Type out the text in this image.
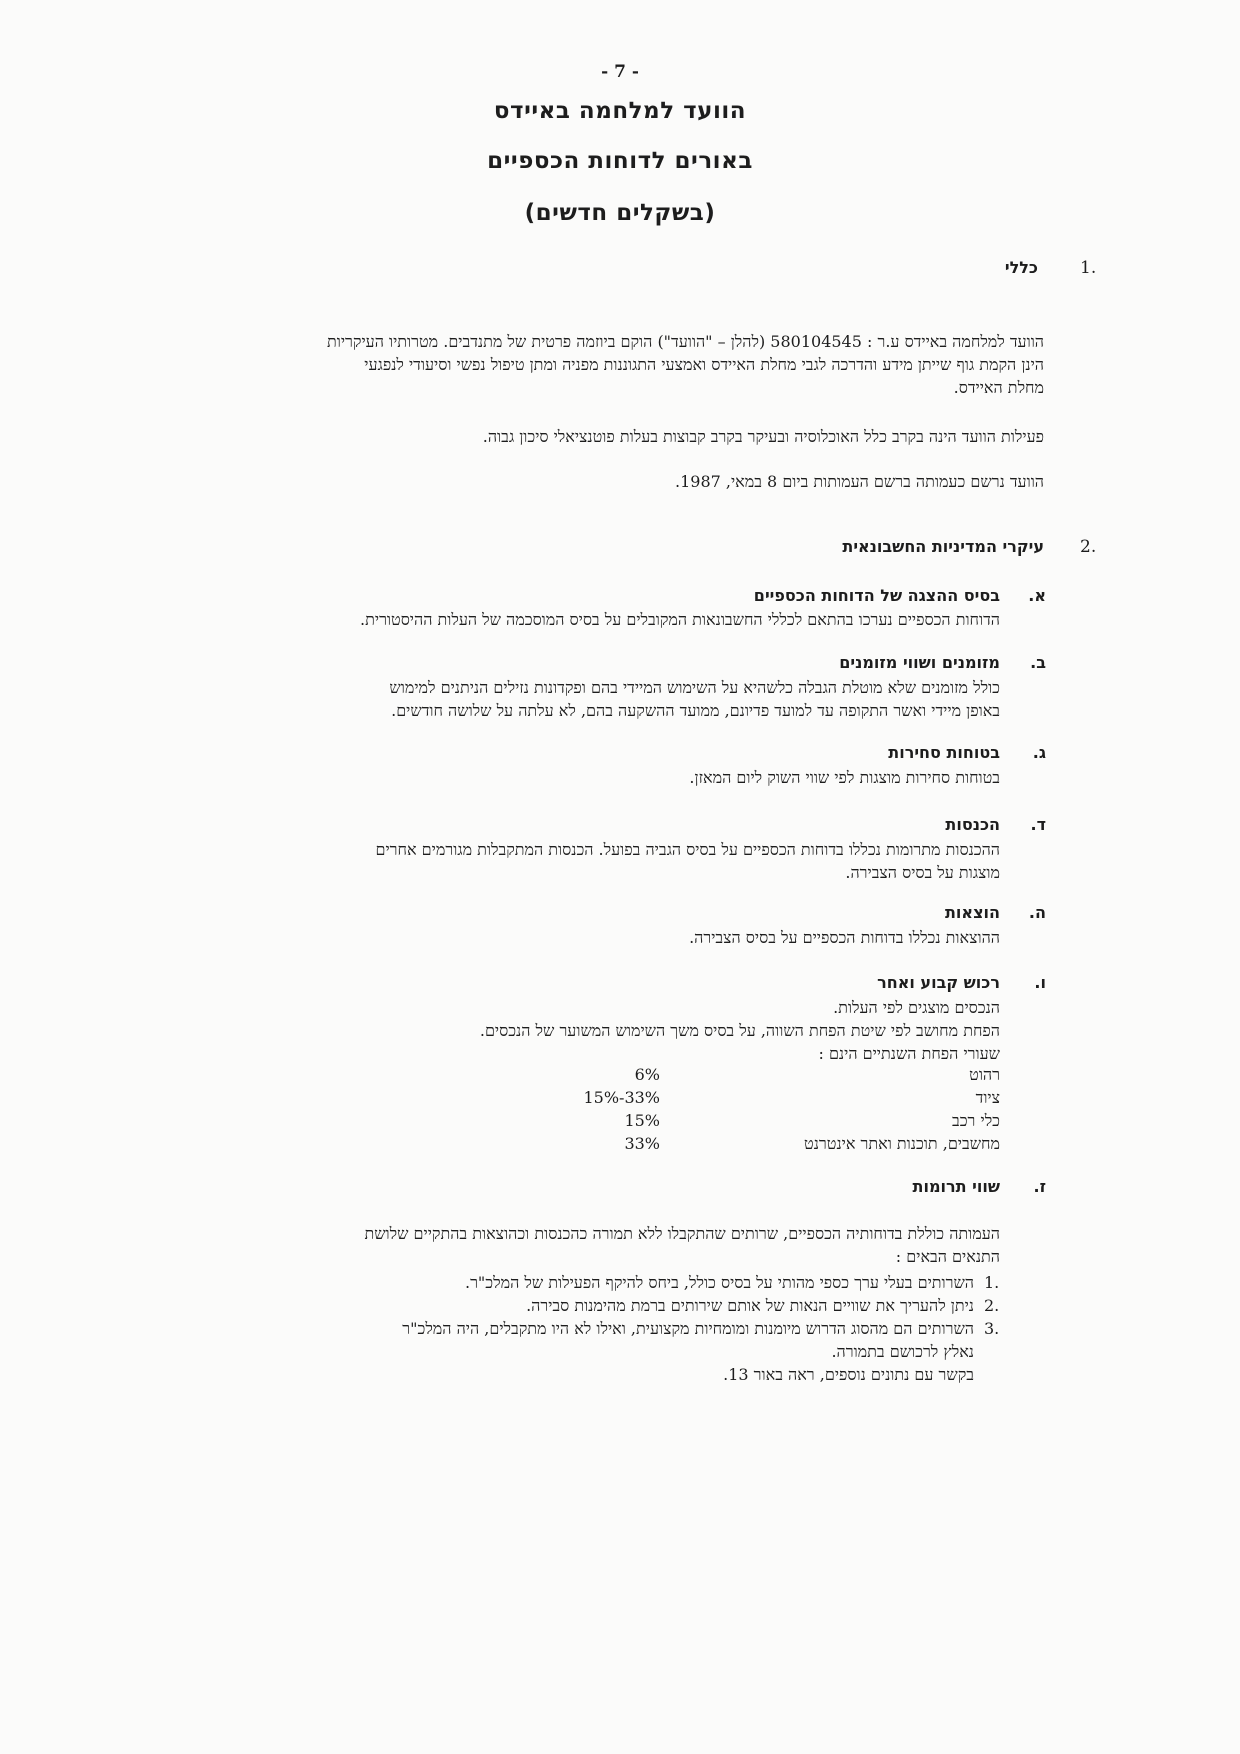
- 7 -
הוועד למלחמה באיידס
באורים לדוחות הכספיים
(בשקלים חדשים)
1.
כללי
הוועד למלחמה באיידס ע.ר : 580104545 (להלן – "הוועד") הוקם ביוזמה פרטית של מתנדבים. מטרותיו העיקריות
הינן הקמת גוף שייתן מידע והדרכה לגבי מחלת האיידס ואמצעי התגוננות מפניה ומתן טיפול נפשי וסיעודי לנפגעי
מחלת האיידס.
פעילות הוועד הינה בקרב כלל האוכלוסיה ובעיקר בקרב קבוצות בעלות פוטנציאלי סיכון גבוה.
הוועד נרשם כעמותה ברשם העמותות ביום 8 במאי, 1987.
2.
עיקרי המדיניות החשבונאית
א.
בסיס ההצגה של הדוחות הכספיים
הדוחות הכספיים נערכו בהתאם לכללי החשבונאות המקובלים על בסיס המוסכמה של העלות ההיסטורית.
ב.
מזומנים ושווי מזומנים
כולל מזומנים שלא מוטלת הגבלה כלשהיא על השימוש המיידי בהם ופקדונות נזילים הניתנים למימוש
באופן מיידי ואשר התקופה עד למועד פדיונם, ממועד ההשקעה בהם, לא עלתה על שלושה חודשים.
ג.
בטוחות סחירות
בטוחות סחירות מוצגות לפי שווי השוק ליום המאזן.
ד.
הכנסות
ההכנסות מתרומות נכללו בדוחות הכספיים על בסיס הגביה בפועל. הכנסות המתקבלות מגורמים אחרים
מוצגות על בסיס הצבירה.
ה.
הוצאות
ההוצאות נכללו בדוחות הכספיים על בסיס הצבירה.
ו.
רכוש קבוע ואחר
הנכסים מוצגים לפי העלות.
הפחת מחושב לפי שיטת הפחת השווה, על בסיס משך השימוש המשוער של הנכסים.
שעורי הפחת השנתיים הינם :
רהוט
6%
ציוד
15%-33%
כלי רכב
15%
מחשבים, תוכנות ואתר אינטרנט
33%
ז.
שווי תרומות
העמותה כוללת בדוחותיה הכספיים, שרותים שהתקבלו ללא תמורה כהכנסות וכהוצאות בהתקיים שלושת
התנאים הבאים :
1.
השרותים בעלי ערך כספי מהותי על בסיס כולל, ביחס להיקף הפעילות של המלכ"ר.
2.
ניתן להעריך את שוויים הנאות של אותם שירותים ברמת מהימנות סבירה.
3.
השרותים הם מהסוג הדרוש מיומנות ומומחיות מקצועית, ואילו לא היו מתקבלים, היה המלכ"ר
נאלץ לרכושם בתמורה.
בקשר עם נתונים נוספים, ראה באור 13.
